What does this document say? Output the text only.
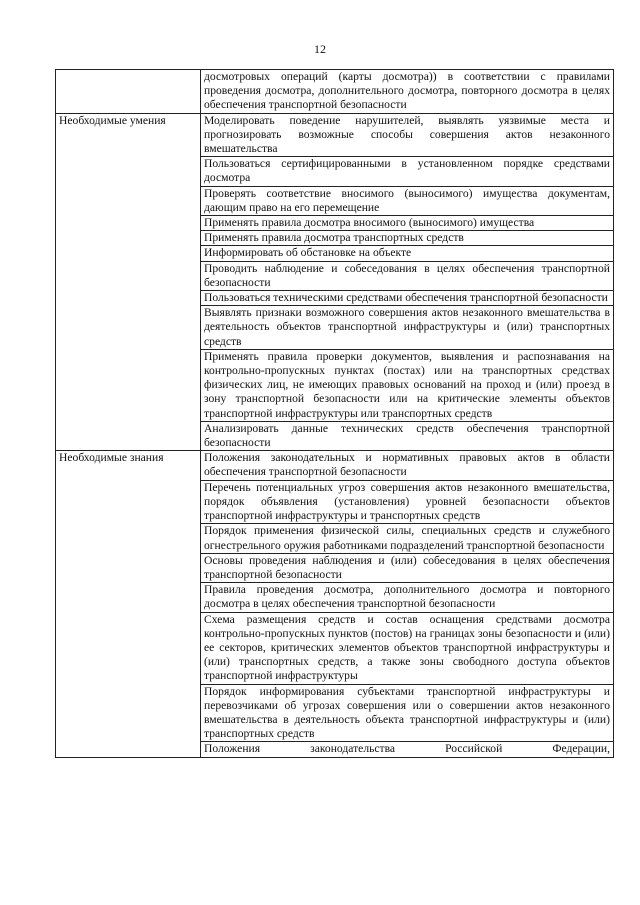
12
	досмотровых операций (карты досмотра)) в соответствии с правилами проведения досмотра, дополнительного досмотра, повторного досмотра в целях обеспечения транспортной безопасности
Необходимые умения	Моделировать поведение нарушителей, выявлять уязвимые места и прогнозировать возможные способы совершения актов незаконного вмешательства
	Пользоваться сертифицированными в установленном порядке средствами досмотра
	Проверять соответствие вносимого (выносимого) имущества документам, дающим право на его перемещение
	Применять правила досмотра вносимого (выносимого) имущества
	Применять правила досмотра транспортных средств
	Информировать об обстановке на объекте
	Проводить наблюдение и собеседования в целях обеспечения транспортной безопасности
	Пользоваться техническими средствами обеспечения транспортной безопасности
	Выявлять признаки возможного совершения актов незаконного вмешательства в деятельность объектов транспортной инфраструктуры и (или) транспортных средств
	Применять правила проверки документов, выявления и распознавания на контрольно-пропускных пунктах (постах) или на транспортных средствах физических лиц, не имеющих правовых оснований на проход и (или) проезд в зону транспортной безопасности или на критические элементы объектов транспортной инфраструктуры или транспортных средств
	Анализировать данные технических средств обеспечения транспортной безопасности
Необходимые знания	Положения законодательных и нормативных правовых актов в области обеспечения транспортной безопасности
	Перечень потенциальных угроз совершения актов незаконного вмешательства, порядок объявления (установления) уровней безопасности объектов транспортной инфраструктуры и транспортных средств
	Порядок применения физической силы, специальных средств и служебного огнестрельного оружия работниками подразделений транспортной безопасности
	Основы проведения наблюдения и (или) собеседования в целях обеспечения транспортной безопасности
	Правила проведения досмотра, дополнительного досмотра и повторного досмотра в целях обеспечения транспортной безопасности
	Схема размещения средств и состав оснащения средствами досмотра контрольно-пропускных пунктов (постов) на границах зоны безопасности и (или) ее секторов, критических элементов объектов транспортной инфраструктуры и (или) транспортных средств, а также зоны свободного доступа объектов транспортной инфраструктуры
	Порядок информирования субъектами транспортной инфраструктуры и перевозчиками об угрозах совершения или о совершении актов незаконного вмешательства в деятельность объекта транспортной инфраструктуры и (или) транспортных средств
	Положения законодательства Российской Федерации,
